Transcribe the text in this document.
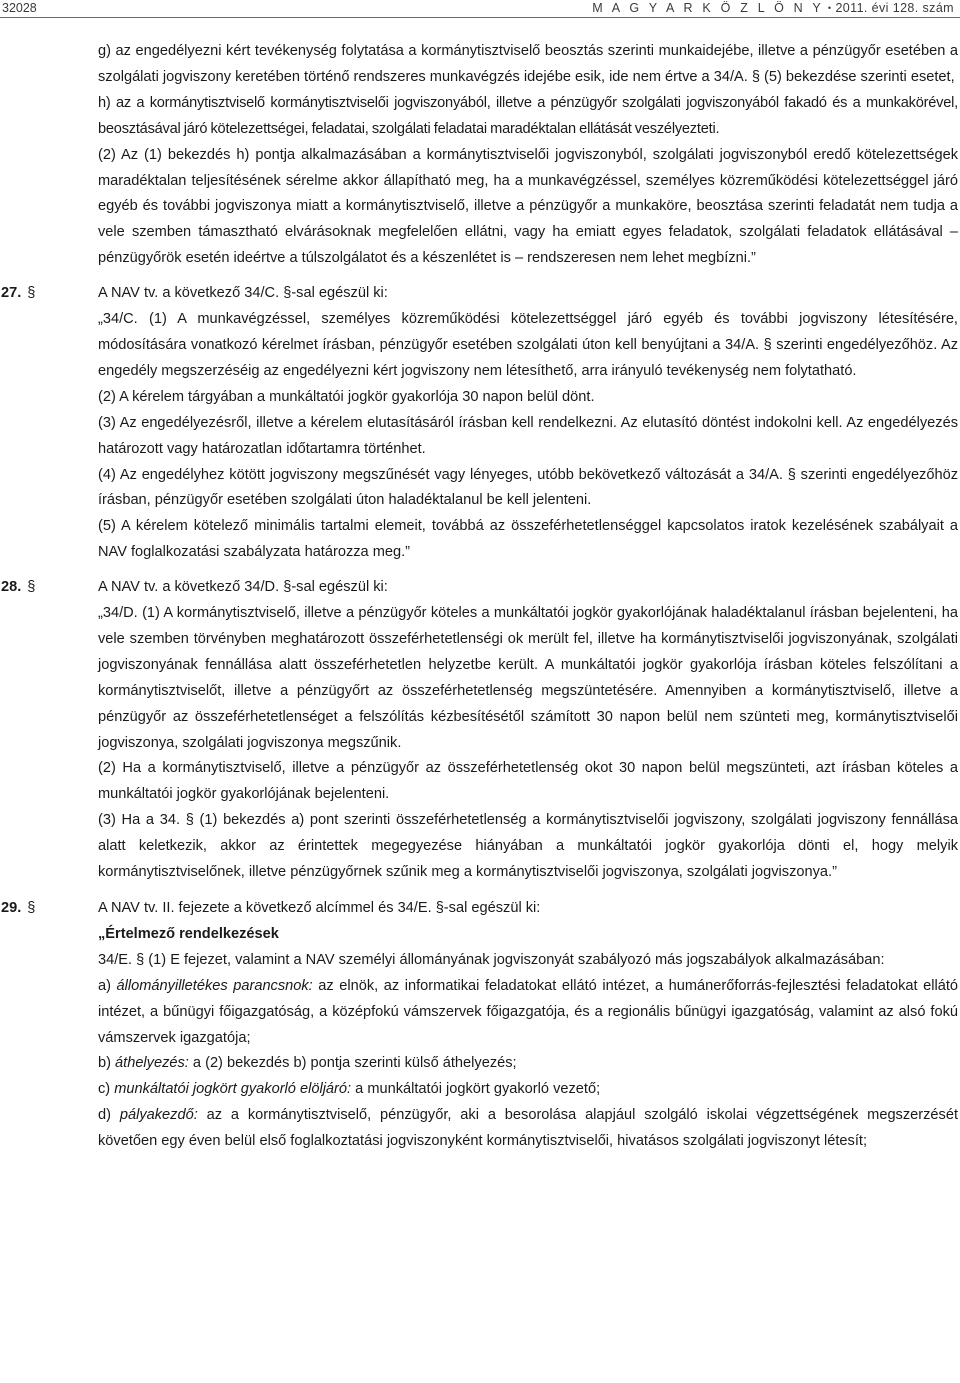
32028	M A G Y A R K Ö Z L Ö N Y • 2011. évi 128. szám

g) az engedélyezni kért tevékenység folytatása a kormánytisztviselő beosztás szerinti munkaidejébe, illetve a pénzügyőr esetében a szolgálati jogviszony keretében történő rendszeres munkavégzés idejébe esik, ide nem értve a 34/A. § (5) bekezdése szerinti esetet,

h) az a kormánytisztviselő kormánytisztviselői jogviszonyából, illetve a pénzügyőr szolgálati jogviszonyából fakadó és a munkakörével, beosztásával járó kötelezettségei, feladatai, szolgálati feladatai maradéktalan ellátását veszélyezteti.

(2) Az (1) bekezdés h) pontja alkalmazásában a kormánytisztviselői jogviszonyból, szolgálati jogviszonyból eredő kötelezettségek maradéktalan teljesítésének sérelme akkor állapítható meg, ha a munkavégzéssel, személyes közreműködési kötelezettséggel járó egyéb és további jogviszonya miatt a kormánytisztviselő, illetve a pénzügyőr a munkaköre, beosztása szerinti feladatát nem tudja a vele szemben támasztható elvárásoknak megfelelően ellátni, vagy ha emiatt egyes feladatok, szolgálati feladatok ellátásával – pénzügyőrök esetén ideértve a túlszolgálatot és a készenlétet is – rendszeresen nem lehet megbízni.”

27. §	A NAV tv. a következő 34/C. §-sal egészül ki:

„34/C. (1) A munkavégzéssel, személyes közreműködési kötelezettséggel járó egyéb és további jogviszony létesítésére, módosítására vonatkozó kérelmet írásban, pénzügyőr esetében szolgálati úton kell benyújtani a 34/A. § szerinti engedélyezőhöz. Az engedély megszerzéséig az engedélyezni kért jogviszony nem létesíthető, arra irányuló tevékenység nem folytatható.

(2) A kérelem tárgyában a munkáltatói jogkör gyakorlója 30 napon belül dönt.

(3) Az engedélyezésről, illetve a kérelem elutasításáról írásban kell rendelkezni. Az elutasító döntést indokolni kell. Az engedélyezés határozott vagy határozatlan időtartamra történhet.

(4) Az engedélyhez kötött jogviszony megszűnését vagy lényeges, utóbb bekövetkező változását a 34/A. § szerinti engedélyezőhöz írásban, pénzügyőr esetében szolgálati úton haladéktalanul be kell jelenteni.

(5) A kérelem kötelező minimális tartalmi elemeit, továbbá az összeférhetetlenséggel kapcsolatos iratok kezelésének szabályait a NAV foglalkozatási szabályzata határozza meg.”

28. §	A NAV tv. a következő 34/D. §-sal egészül ki:

„34/D. (1) A kormánytisztviselő, illetve a pénzügyőr köteles a munkáltatói jogkör gyakorlójának haladéktalanul írásban bejelenteni, ha vele szemben törvényben meghatározott összeférhetetlenségi ok merült fel, illetve ha kormánytisztviselői jogviszonyának, szolgálati jogviszonyának fennállása alatt összeférhetetlen helyzetbe került. A munkáltatói jogkör gyakorlója írásban köteles felszólítani a kormánytisztviselőt, illetve a pénzügyőrt az összeférhetetlenség megszüntetésére. Amennyiben a kormánytisztviselő, illetve a pénzügyőr az összeférhetetlenséget a felszólítás kézbesítésétől számított 30 napon belül nem szünteti meg, kormánytisztviselői jogviszonya, szolgálati jogviszonya megszűnik.

(2) Ha a kormánytisztviselő, illetve a pénzügyőr az összeférhetetlenség okot 30 napon belül megszünteti, azt írásban köteles a munkáltatói jogkör gyakorlójának bejelenteni.

(3) Ha a 34. § (1) bekezdés a) pont szerinti összeférhetetlenség a kormánytisztviselői jogviszony, szolgálati jogviszony fennállása alatt keletkezik, akkor az érintettek megegyezése hiányában a munkáltatói jogkör gyakorlója dönti el, hogy melyik kormánytisztviselőnek, illetve pénzügyőrnek szűnik meg a kormánytisztviselői jogviszonya, szolgálati jogviszonya.”

29. §	A NAV tv. II. fejezete a következő alcímmel és 34/E. §-sal egészül ki:

„Értelmező rendelkezések

34/E. § (1) E fejezet, valamint a NAV személyi állományának jogviszonyát szabályozó más jogszabályok alkalmazásában:

a) állományilletékes parancsnok: az elnök, az informatikai feladatokat ellátó intézet, a humánerőforrás-fejlesztési feladatokat ellátó intézet, a bűnügyi főigazgatóság, a középfokú vámszervek főigazgatója, és a regionális bűnügyi igazgatóság, valamint az alsó fokú vámszervek igazgatója;

b) áthelyezés: a (2) bekezdés b) pontja szerinti külső áthelyezés;

c) munkáltatói jogkört gyakorló elöljáró: a munkáltatói jogkört gyakorló vezető;

d) pályakezdő: az a kormánytisztviselő, pénzügyőr, aki a besorolása alapjául szolgáló iskolai végzettségének megszerzését követően egy éven belül első foglalkoztatási jogviszonyként kormánytisztviselői, hivatásos szolgálati jogviszonyt létesít;
